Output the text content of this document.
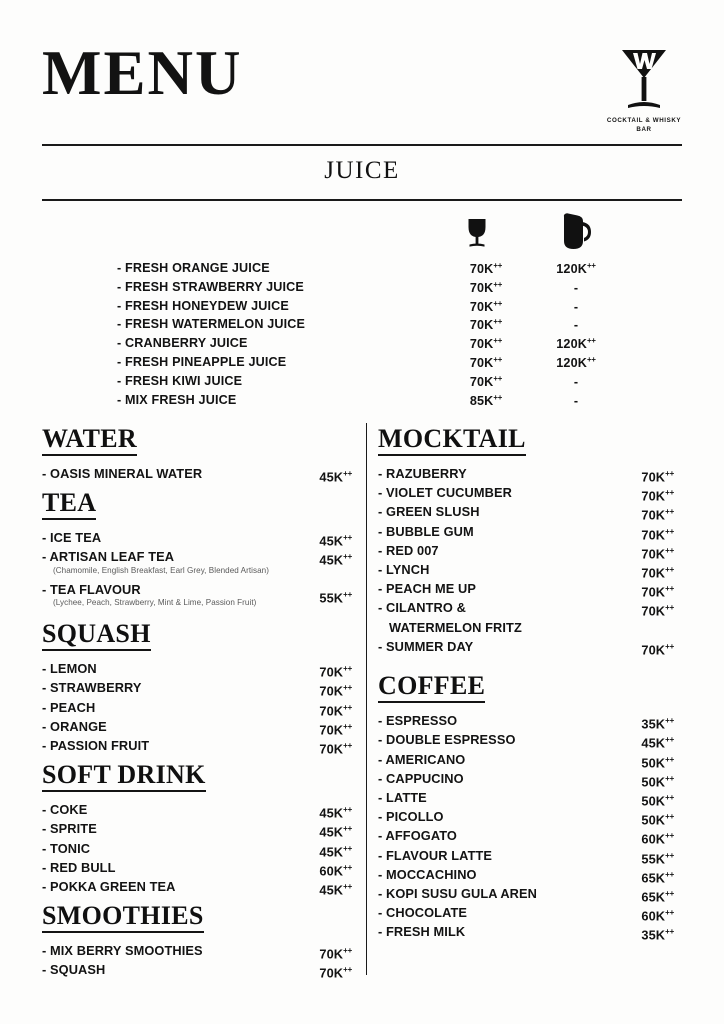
MENU
COCKTAIL & WHISKY
BAR
JUICE
- FRESH ORANGE JUICE	70K++	120K++
- FRESH STRAWBERRY JUICE	70K++	-
- FRESH HONEYDEW JUICE	70K++	-
- FRESH WATERMELON JUICE	70K++	-
- CRANBERRY JUICE	70K++	120K++
- FRESH PINEAPPLE JUICE	70K++	120K++
- FRESH KIWI JUICE	70K++	-
- MIX FRESH JUICE	85K++	-
WATER
- OASIS MINERAL WATER	45K++
TEA
- ICE TEA	45K++
- ARTISAN LEAF TEA	45K++
(Chamomile, English Breakfast, Earl Grey, Blended Artisan)
- TEA FLAVOUR
55K++
(Lychee, Peach, Strawberry, Mint & Lime, Passion Fruit)
SQUASH
- LEMON	70K++
- STRAWBERRY	70K++
- PEACH	70K++
- ORANGE	70K++
- PASSION FRUIT	70K++
SOFT DRINK
- COKE	45K++
- SPRITE	45K++
- TONIC	45K++
- RED BULL	60K++
- POKKA GREEN TEA	45K++
SMOOTHIES
- MIX BERRY SMOOTHIES	70K++
- SQUASH	70K++
MOCKTAIL
- RAZUBERRY	70K++
- VIOLET CUCUMBER	70K++
- GREEN SLUSH	70K++
- BUBBLE GUM	70K++
- RED 007	70K++
- LYNCH	70K++
- PEACH ME UP	70K++
- CILANTRO &
WATERMELON FRITZ
70K++
- SUMMER DAY	70K++
COFFEE
- ESPRESSO	35K++
- DOUBLE ESPRESSO	45K++
- AMERICANO	50K++
- CAPPUCINO	50K++
- LATTE	50K++
- PICOLLO	50K++
- AFFOGATO	60K++
- FLAVOUR LATTE	55K++
- MOCCACHINO	65K++
- KOPI SUSU GULA AREN	65K++
- CHOCOLATE	60K++
- FRESH MILK	35K++
